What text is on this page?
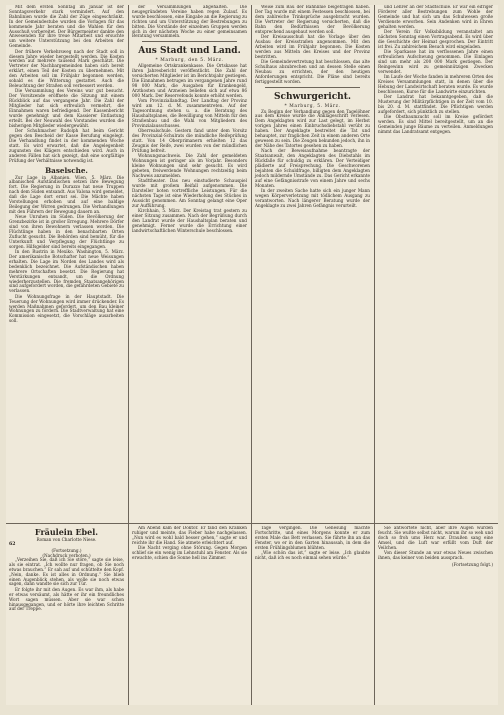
Mit dem ersten Sonntag im Januar ist der Sonntagsverkehr stark vermindert. Auf den Bahnlinien wurde die Zahl der Züge eingeschränkt. In der Gemeindestube wurden die Vorlagen für das kommende Jahr beraten und die Wahlen für den Ausschuß vorbereitet. Der Bürgermeister dankte den Anwesenden für ihre treue Mitarbeit und ersuchte um weitere Unterstützung bei den Arbeiten der Gemeinde.

Der frühere Verkehrsweg nach der Stadt soll in diesem Jahre wieder hergestellt werden. Die Kosten werden auf mehrere tausend Mark geschätzt. Die Vertreter der Nachbargemeinden haben sich bereit erklärt, einen Teil der Kosten zu übernehmen. Mit den Arbeiten soll im Frühjahr begonnen werden, sobald es die Witterung gestattet. Auch die Beleuchtung der Straßen soll verbessert werden.

Die Versammlung des Vereins war gut besucht. Der Vorsitzende eröffnete die Sitzung mit einem Rückblick auf das vergangene Jahr. Die Zahl der Mitglieder hat sich erfreulich vermehrt, die Einnahmen waren befriedigend. Der Kassenbericht wurde genehmigt und dem Kassierer Entlastung erteilt. Bei der Neuwahl des Vorstandes wurden die bisherigen Mitglieder wiedergewählt.

Der Schuhmacher Rudolph hat beim Gericht gegen den Bescheid der Kasse Berufung eingelegt. Die Verhandlung findet in der kommenden Woche statt. Es wird erwartet, daß die Angelegenheit zugunsten des Klägers entschieden wird. Auch in anderen Fällen hat sich gezeigt, daß eine sorgfältige Prüfung der Verhältnisse notwendig ist.

Baselsche.

Zur Lage in Albanien. Wien, 5. März. Die albanischen Aufständischen setzen ihre Bewegung fort. Die Regierung in Durazzo hat neue Truppen nach dem Süden entsandt. Aus Valona wird gemeldet, daß die Lage dort ernst sei. Die Mächte haben Vorstellungen erhoben und auf eine baldige Beilegung der Wirren gedrungen. Die Verhandlungen mit den Führern der Bewegung dauern an.

Neue Unruhen im Süden. Die Bevölkerung der Grenzbezirke ist in großer Erregung. Mehrere Dörfer sind von ihren Bewohnern verlassen worden. Die Flüchtlinge haben in den benachbarten Orten Zuflucht gesucht. Die Behörden sind bemüht, für die Unterkunft und Verpflegung der Flüchtlinge zu sorgen. Hilfsgelder sind bereits eingegangen.

In den Rustrin in Mexiko. Washington, 5. März. Der amerikanische Botschafter hat neue Weisungen erhalten. Die Lage im Norden des Landes wird als bedenklich bezeichnet. Die Aufständischen haben mehrere Ortschaften besetzt. Die Regierung hat Verstärkungen entsandt, um die Ordnung wiederherzustellen. Die fremden Staatsangehörigen sind aufgefordert worden, die gefährdeten Gebiete zu verlassen.

Die Wohnungsfrage in der Hauptstadt. Die Teuerung der Wohnungen wird immer drückender. Es werden Maßnahmen gefordert, um den Bau kleiner Wohnungen zu fördern. Die Stadtverwaltung hat eine Kommission eingesetzt, die Vorschläge ausarbeiten soll.

der Versammlungen abgehalten. Die neugegründeten Vereine haben regen Zulauf. Es wurde beschlossen, eine Eingabe an die Regierung zu richten und um Unterstützung der Bestrebungen zu bitten. Die Vorstände der einzelnen Gruppen werden sich in der nächsten Woche zu einer gemeinsamen Beratung versammeln.

Aus Stadt und Land.
* Marburg, den 5. März.

Allgemeine Ortskrankenkasse. Die Ortskasse hat ihren Jahresbericht veröffentlicht. Die Zahl der versicherten Mitglieder ist im Berichtsjahr gestiegen. Die Einnahmen betrugen im vergangenen Jahre rund 98 000 Mark, die Ausgaben für Krankengeld, Arztkosten und Arzneien beliefen sich auf etwa 86 000 Mark. Der Reservefonds konnte erhöht werden.

Vom Provinziallandtag. Der Landtag der Provinz wird am 12. d. M. zusammentreten. Auf der Tagesordnung stehen u. a. die Beratung des Haushaltsplanes, die Bewilligung von Mitteln für den Straßenbau und die Wahl von Mitgliedern des Provinzialausschusses.

Oberrealschule. Gestern fand unter dem Vorsitz des Provinzial-Schulrats die mündliche Reifeprüfung statt. Von 14 Oberprimanern erhielten 12 das Zeugnis der Reife, zwei wurden von der mündlichen Prüfung befreit.

Wohnungsnachweis. Die Zahl der gemeldeten Wohnungen ist geringer als im Vorjahr. Besonders kleine Wohnungen sind sehr gesucht. Es wird gebeten, freiwerdende Wohnungen rechtzeitig beim Nachweis anzumelden.

Stadttheater. Das neu einstudierte Schauspiel wurde mit großem Beifall aufgenommen. Die Darsteller boten vortreffliche Leistungen. Für die nächsten Tage ist eine Wiederholung des Stückes in Aussicht genommen. Am Sonntag gelangt eine Oper zur Aufführung.

Kirchhain, 5. März. Der Kreistag trat gestern zu einer Sitzung zusammen. Nach der Begrüßung durch den Landrat wurde der Haushaltsplan beraten und genehmigt. Ferner wurde die Errichtung einer landwirtschaftlichen Winterschule beschlossen.

Weise zum Bau der Bahnlinie beigetragen haben. Der Tag wurde mit einem Festessen beschlossen, bei dem zahlreiche Trinksprüche ausgebracht wurden. Die Vertreter der Regierung versicherten, daß die Bahn den Bedürfnissen der Bevölkerung entsprechend ausgebaut werden soll.

Der Kreisausschuß hat die Vorlage über den Ausbau der Kreisstraßen angenommen. Mit den Arbeiten wird im Frühjahr begonnen. Die Kosten werden aus Mitteln des Kreises und der Provinz bestritten.

Die Gemeindevertretung hat beschlossen, das alte Schulhaus abzubrechen und an dessen Stelle einen Neubau zu errichten, der den heutigen Anforderungen entspricht. Die Pläne sind bereits fertiggestellt worden.

Schwurgericht.
* Marburg, 5. März.

Zu Beginn der Verhandlung gegen den Tagelöhner aus dem Kreise wurde die Anklageschrift verlesen. Dem Angeklagten wird zur Last gelegt, im Herbst vorigen Jahres einen Einbruchsdiebstahl verübt zu haben. Der Angeklagte bestreitet die Tat und behauptet, zur fraglichen Zeit in einem anderen Orte gewesen zu sein. Die Zeugen bekunden jedoch, ihn in der Nähe des Tatortes gesehen zu haben.

Nach der Beweisaufnahme beantragte der Staatsanwalt, den Angeklagten des Diebstahls im Rückfalle für schuldig zu erklären. Der Verteidiger plädierte auf Freisprechung. Die Geschworenen bejahten die Schuldfrage, billigten dem Angeklagten jedoch mildernde Umstände zu. Das Gericht erkannte auf eine Gefängnisstrafe von einem Jahre und sechs Monaten.

In der zweiten Sache hatte sich ein junger Mann wegen Körperverletzung mit tödlichem Ausgang zu verantworten. Nach längerer Beratung wurde der Angeklagte zu zwei Jahren Gefängnis verurteilt.

und Lehrer an der Stadtschule. Er war ein eifriger Förderer aller Bestrebungen zum Wohle der Gemeinde und hat sich um das Schulwesen große Verdienste erworben. Sein Andenken wird in Ehren gehalten werden.

Der Verein für Volksbildung veranstaltet am nächsten Sonntag einen Vortragsabend. Es wird über die Geschichte der Heimat gesprochen. Der Eintritt ist frei. Zu zahlreichem Besuch wird eingeladen.

Die Sparkasse hat im verflossenen Jahre einen erfreulichen Aufschwung genommen. Die Einlagen sind um mehr als 200 000 Mark gestiegen. Der Reingewinn wird zu gemeinnützigen Zwecken verwendet.

Im Laufe der Woche fanden in mehreren Orten des Kreises Versammlungen statt, in denen über die Hebung der Landwirtschaft beraten wurde. Es wurde beschlossen, Kurse für die Landwirte einzurichten.

Der Landrat hat bekanntgegeben, daß die Musterung der Militärpflichtigen in der Zeit vom 10. bis 20. d. M. stattfindet. Die Pflichtigen werden aufgefordert, sich pünktlich zu stellen.

Die Obstbaumzucht soll im Kreise gefördert werden. Es sind Mittel bereitgestellt, um an die Gemeinden junge Bäume zu verteilen. Anmeldungen nimmt das Landratsamt entgegen.

Fräulein Ebel.
Roman von Charlotte Niese.
62
(Fortsetzung.)
(Nachdruck verboten.)

„Verzeihen Sie, daß ich Sie störe,“ sagte sie leise, als sie eintrat. „Ich wollte nur fragen, ob Sie noch etwas brauchen.“ Er sah auf und schüttelte den Kopf. „Nein, danke. Es ist alles in Ordnung.“ Sie blieb einen Augenblick stehen, als wolle sie noch etwas sagen, dann wandte sie sich zur Tür.

Er folgte ihr mit den Augen. Es war ihm, als habe er etwas versäumt, als hätte er ihr ein freundliches Wort sagen müssen. Aber sie war schon hinausgegangen, und er hörte ihre leichten Schritte auf der Treppe.

Am Abend kam der Doktor. Er fand den Kranken ruhiger und meinte, das Fieber habe nachgelassen. „Nun wird es wohl bald besser gehen,“ sagte er und reichte ihr die Hand. Sie atmete erleichtert auf.

Die Nacht verging ohne Störung. Gegen Morgen schlief sie ein wenig im Lehnstuhl am Fenster. Als sie erwachte, schien die Sonne hell ins Zimmer.

Tage vergingen. Die Genesung machte Fortschritte, und eines Morgens konnte er zum ersten Male das Bett verlassen. Sie führte ihn an das Fenster, wo er in den Garten hinaussah, in dem die ersten Frühlingsblumen blühten.

„Wie schön das ist,“ sagte er leise. „Ich glaubte nicht, daß ich es noch einmal sehen würde.“

Sie antwortete nicht, aber ihre Augen wurden feucht. Sie wußte selbst nicht, warum ihr so weh und doch so froh ums Herz war. Draußen sang eine Amsel, und die Luft war erfüllt vom Duft der Veilchen.

Von dieser Stunde an war etwas Neues zwischen ihnen, das keiner von beiden aussprach.

(Fortsetzung folgt.)
